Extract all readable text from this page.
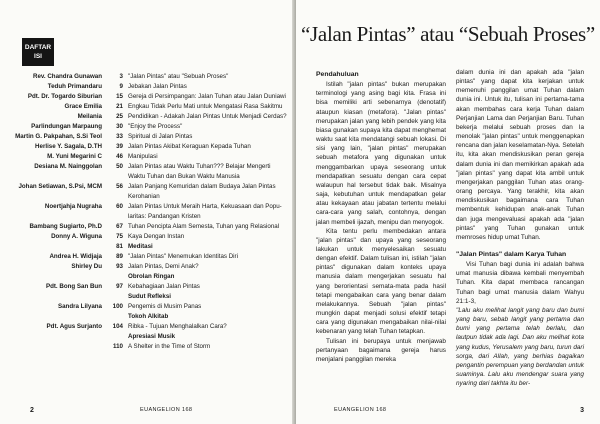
DAFTAR
ISI
Rev. Chandra Gunawan	3 "Jalan Pintas" atau "Sebuah Proses"
Teduh Primandaru	9 Jebakan Jalan Pintas
Pdt. Dr. Togardo Siburian	15 Gereja di Persimpangan: Jalan Tuhan atau Jalan Duniawi
Grace Emilia	21 Engkau Tidak Perlu Mati untuk Mengatasi Rasa Sakitmu
Meilania	25 Pendidikan - Adakah Jalan Pintas Untuk Menjadi Cerdas?
Parlindungan Marpaung	30 "Enjoy the Process"
Martin G. Pakpahan, S.Si Teol	33 Spiritual di Jalan Pintas
Herlise Y. Sagala, D.TH	39 Jalan Pintas Akibat Keraguan Kepada Tuhan
M. Yuni Megarini C	46 Manipulasi
Desiana M. Nainggolan	50 Jalan Pintas atau Waktu Tuhan??? Belajar Mengerti
Waktu Tuhan dan Bukan Waktu Manusia
Johan Setiawan, S.Psi, MCM	56 Jalan Panjang Kemuridan dalam Budaya Jalan Pintas
Kerohanian
Noertjahja Nugraha	60 Jalan Pintas Untuk Meraih Harta, Kekuasaan dan Popu-
laritas: Pandangan Kristen
Bambang Sugiarto, Ph.D	67 Tuhan Pencipta Alam Semesta, Tuhan yang Relasional
Donny A. Wiguna	75 Kaya Dengan Instan
81 Meditasi
Andrea H. Widjaja	89 "Jalan Pintas" Menemukan Identitas Diri
Shirley Du	93 Jalan Pintas, Demi Anak?
Obrolan Ringan
Pdt. Bong San Bun	97 Kebahagiaan Jalan Pintas
Sudut Refleksi
Sandra Lilyana	100 Pengemis di Musim Panas
Tokoh Alkitab
Pdt. Agus Surjanto	104 Ribka - Tujuan Menghalalkan Cara?
Apresiasi Musik
110 A Shelter in the Time of Storm
2	EUANGELION 168
“Jalan Pintas” atau “Sebuah Proses”

Pendahuluan

Istilah "jalan pintas" bukan merupakan terminologi yang asing bagi kita. Frasa ini bisa memiliki arti sebenarnya (denotatif) ataupun kiasan (metafora). "Jalan pintas" merupakan jalan yang lebih pendek yang kita biasa gunakan supaya kita dapat menghemat waktu saat kita mendatangi sebuah lokasi. Di sisi yang lain, "jalan pintas" merupakan sebuah metafora yang digunakan untuk menggambarkan upaya seseorang untuk mendapatkan sesuatu dengan cara cepat walaupun hal tersebut tidak baik. Misalnya saja, kebutuhan untuk mendapatkan gelar atau kekayaan atau jabatan tertentu melalui cara-cara yang salah, contohnya, dengan jalan membeli ijazah, menipu dan menyogok.

Kita tentu perlu membedakan antara "jalan pintas" dan upaya yang seseorang lakukan untuk menyelesaikan sesuatu dengan efektif. Dalam tulisan ini, istilah "jalan pintas" digunakan dalam konteks upaya manusia dalam mengerjakan sesuatu hal yang berorientasi semata-mata pada hasil tetapi mengabaikan cara yang benar dalam melakukannya. Sebuah "jalan pintas" mungkin dapat menjadi solusi efektif tetapi cara yang digunakan mengabaikan nilai-nilai kebenaran yang telah Tuhan tetapkan.

Tulisan ini berupaya untuk menjawab pertanyaan bagaimana gereja harus menjalani panggilan mereka

dalam dunia ini dan apakah ada "jalan pintas" yang dapat kita kerjakan untuk memenuhi panggilan umat Tuhan dalam dunia ini. Untuk itu, tulisan ini pertama-tama akan membahas cara kerja Tuhan dalam Perjanjian Lama dan Perjanjian Baru. Tuhan bekerja melalui sebuah proses dan la menolak "jalan pintas" untuk menggenapkan rencana dan jalan keselamatan-Nya. Setelah itu, kita akan mendiskusikan peran gereja dalam dunia ini dan memikirkan apakah ada "jalan pintas" yang dapat kita ambil untuk mengerjakan panggilan Tuhan atas orang-orang percaya. Yang terakhir, kita akan mendiskusikan bagaimana cara Tuhan membentuk kehidupan anak-anak Tuhan dan juga mengevaluasi apakah ada "jalan pintas" yang Tuhan gunakan untuk memroses hidup umat Tuhan.

"Jalan Pintas" dalam Karya Tuhan

Visi Tuhan bagi dunia ini adalah bahwa umat manusia dibawa kembali menyembah Tuhan. Kita dapat membaca rancangan Tuhan bagi umat manusia dalam Wahyu 21:1-3,

"Lalu aku melihat langit yang baru dan bumi yang baru, sebab langit yang pertama dan bumi yang pertama telah berlalu, dan lautpun tidak ada lagi. Dan aku melihat kota yang kudus, Yerusalem yang baru, turun dari sorga, dari Allah, yang berhias bagaikan pengantin perempuan yang berdandan untuk suaminya. Lalu aku mendengar suara yang nyaring dari takhta itu ber-

3
EUANGELION 168
